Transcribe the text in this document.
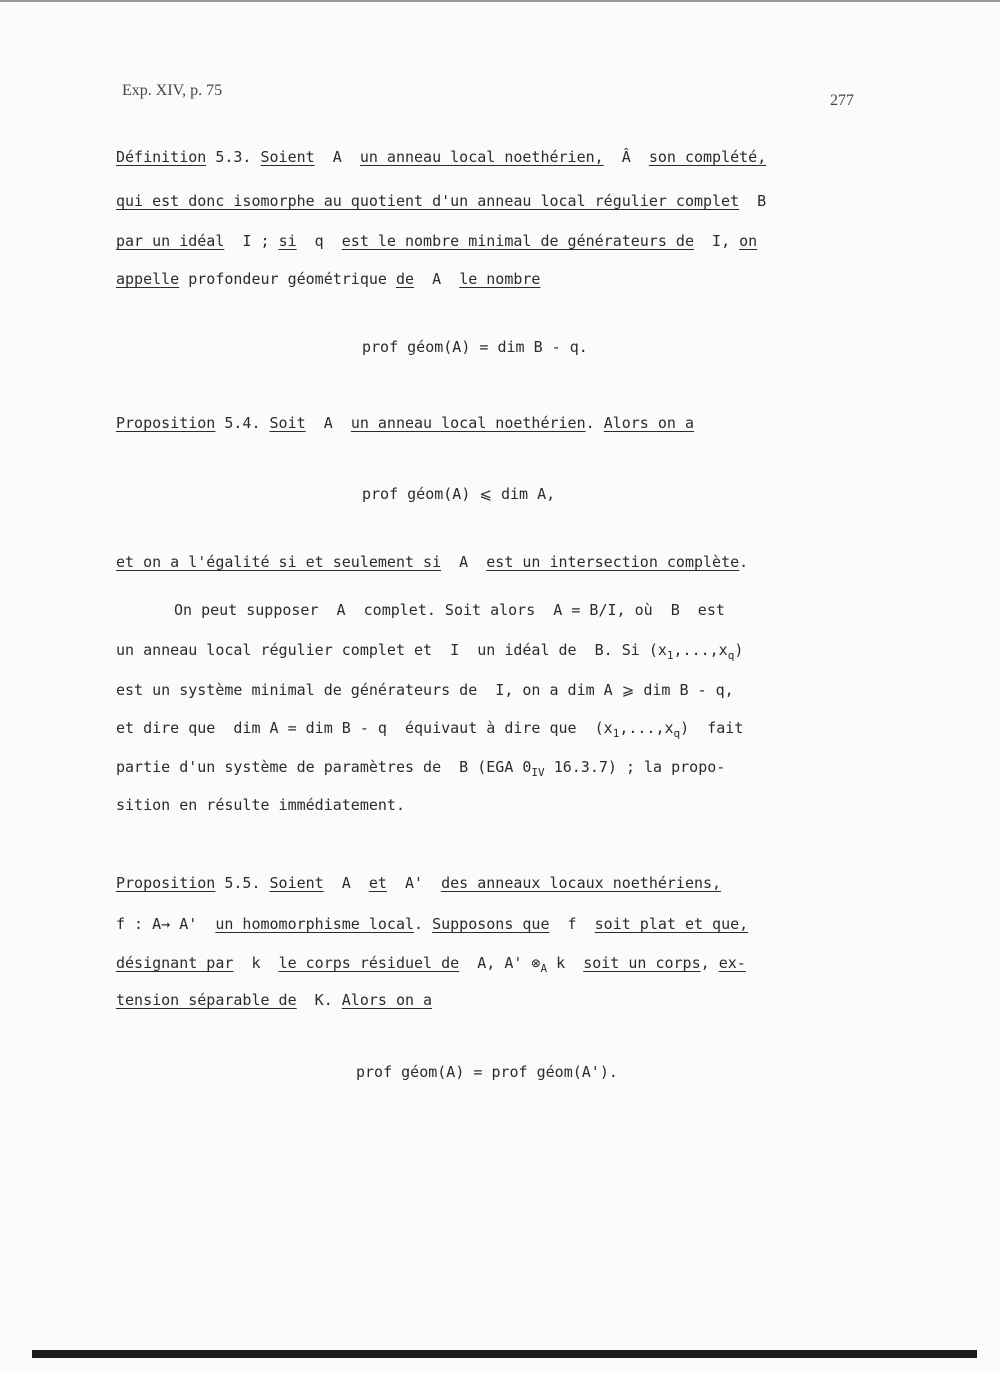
Exp. XIV, p. 75
277
Définition 5.3. Soient  A  un anneau local noethérien,  Â  son complété,
qui est donc isomorphe au quotient d'un anneau local régulier complet  B
par un idéal  I ; si  q  est le nombre minimal de générateurs de  I, on
appelle profondeur géométrique de  A  le nombre
prof géom(A) = dim B - q.
Proposition 5.4. Soit  A  un anneau local noethérien. Alors on a
prof géom(A) ⩽ dim A,
et on a l'égalité si et seulement si  A  est un intersection complète.
On peut supposer  A  complet. Soit alors  A = B/I, où  B  est
un anneau local régulier complet et  I  un idéal de  B. Si $(x_1,...,x_q)$
est un système minimal de générateurs de  I, on a dim A ⩾ dim B - q,
et dire que  dim A = dim B - q  équivaut à dire que  $(x_1,...,x_q)$  fait
partie d'un système de paramètres de  B (EGA $0_{IV}$ 16.3.7) ; la propo-
sition en résulte immédiatement.
Proposition 5.5. Soient  A  et  A'  des anneaux locaux noethériens,
f : A→ A'  un homomorphisme local. Supposons que  f  soit plat et que,
désignant par  k  le corps résiduel de  A, A' $\otimes_A$ k  soit un corps, ex-
tension séparable de  K. Alors on a
prof géom(A) = prof géom(A').
